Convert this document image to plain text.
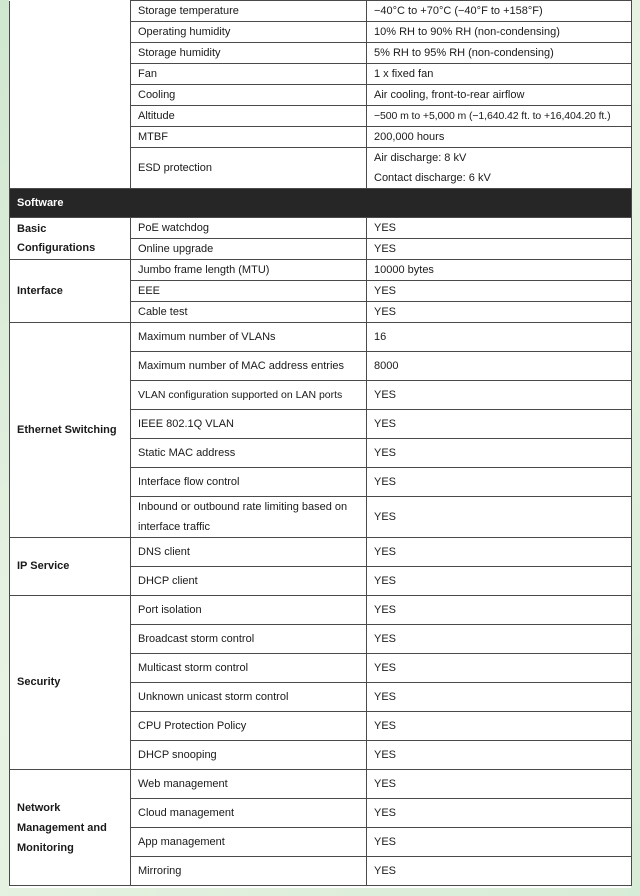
	Storage temperature	−40°C to +70°C (−40°F to +158°F)
	Operating humidity	10% RH to 90% RH (non-condensing)
	Storage humidity	5% RH to 95% RH (non-condensing)
	Fan	1 x fixed fan
	Cooling	Air cooling, front-to-rear airflow
	Altitude	−500 m to +5,000 m (−1,640.42 ft. to +16,404.20 ft.)
	MTBF	200,000 hours
	ESD protection	Air discharge: 8 kV
Contact discharge: 6 kV

Software		
Basic Configurations	PoE watchdog	YES
	Online upgrade	YES
Interface	Jumbo frame length (MTU)	10000 bytes
	EEE	YES
	Cable test	YES
Ethernet Switching	Maximum number of VLANs	16
	Maximum number of MAC address entries	8000
	VLAN configuration supported on LAN ports	YES
	IEEE 802.1Q VLAN	YES
	Static MAC address	YES
	Interface flow control	YES

	Inbound or outbound rate limiting based on
interface traffic	YES
IP Service	DNS client	YES
	DHCP client	YES
Security	Port isolation	YES
	Broadcast storm control	YES
	Multicast storm control	YES
	Unknown unicast storm control	YES
	CPU Protection Policy	YES
	DHCP snooping	YES

Network
Management and
Monitoring	Web management	YES
	Cloud management	YES
	App management	YES
	Mirroring	YES
